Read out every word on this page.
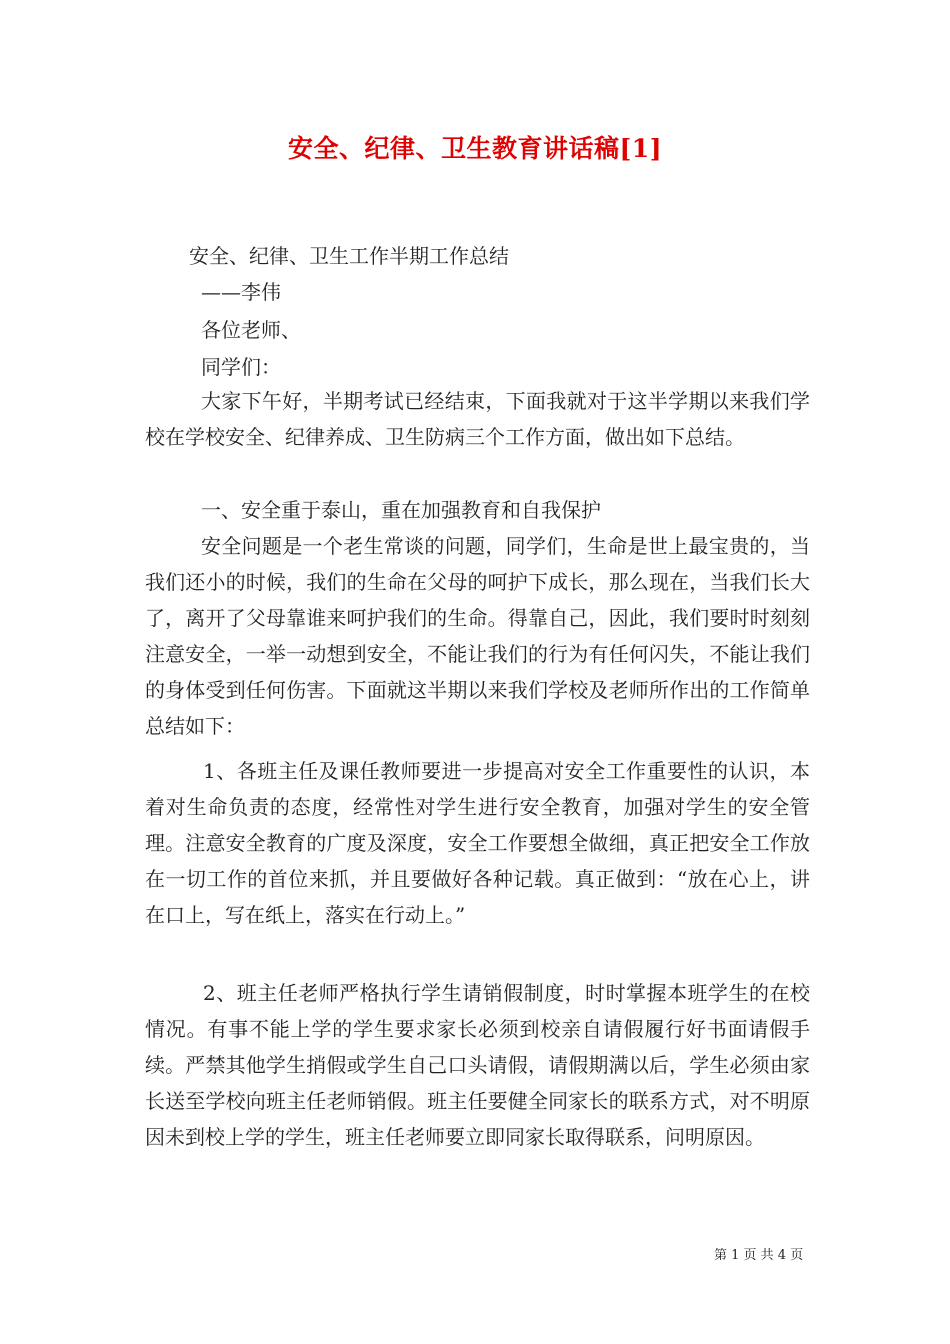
安全、纪律、卫生教育讲话稿[1]
安全、纪律、卫生工作半期工作总结
——李伟
各位老师、
同学们：

大家下午好，半期考试已经结束，下面我就对于这半学期以来我们学校在学校安全、纪律养成、卫生防病三个工作方面，做出如下总结。

一、安全重于泰山，重在加强教育和自我保护

安全问题是一个老生常谈的问题，同学们，生命是世上最宝贵的，当我们还小的时候，我们的生命在父母的呵护下成长，那么现在，当我们长大了，离开了父母靠谁来呵护我们的生命。得靠自己，因此，我们要时时刻刻注意安全，一举一动想到安全，不能让我们的行为有任何闪失，不能让我们的身体受到任何伤害。下面就这半期以来我们学校及老师所作出的工作简单总结如下：

1、各班主任及课任教师要进一步提高对安全工作重要性的认识，本着对生命负责的态度，经常性对学生进行安全教育，加强对学生的安全管理。注意安全教育的广度及深度，安全工作要想全做细，真正把安全工作放在一切工作的首位来抓，并且要做好各种记载。真正做到：“放在心上，讲在口上，写在纸上，落实在行动上。”

2、班主任老师严格执行学生请销假制度，时时掌握本班学生的在校情况。有事不能上学的学生要求家长必须到校亲自请假履行好书面请假手续。严禁其他学生捎假或学生自己口头请假，请假期满以后，学生必须由家长送至学校向班主任老师销假。班主任要健全同家长的联系方式，对不明原因未到校上学的学生，班主任老师要立即同家长取得联系，问明原因。

第 1 页 共 4 页
